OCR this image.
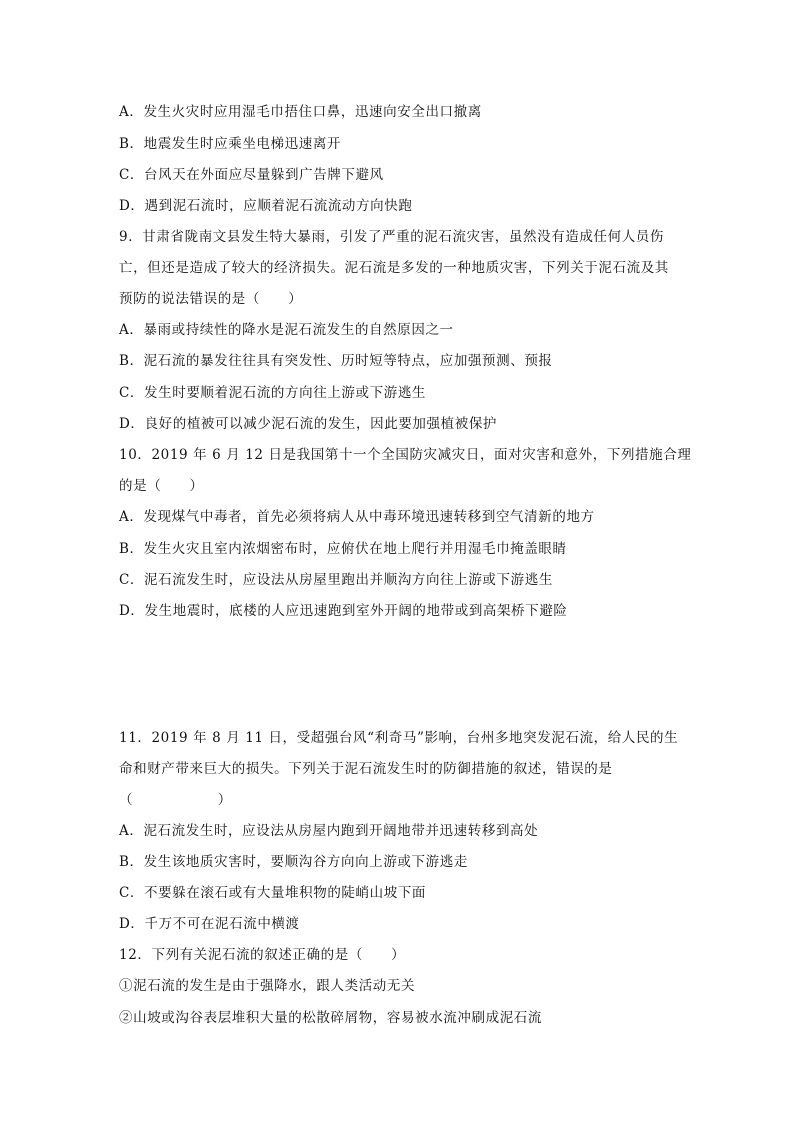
A．发生火灾时应用湿毛巾捂住口鼻，迅速向安全出口撤离
B．地震发生时应乘坐电梯迅速离开
C．台风天在外面应尽量躲到广告牌下避风
D．遇到泥石流时，应顺着泥石流流动方向快跑
9．甘肃省陇南文县发生特大暴雨，引发了严重的泥石流灾害，虽然没有造成任何人员伤
亡，但还是造成了较大的经济损失。泥石流是多发的一种地质灾害，下列关于泥石流及其
预防的说法错误的是（　　）
A．暴雨或持续性的降水是泥石流发生的自然原因之一
B．泥石流的暴发往往具有突发性、历时短等特点，应加强预测、预报
C．发生时要顺着泥石流的方向往上游或下游逃生
D．良好的植被可以减少泥石流的发生，因此要加强植被保护
10．2019 年 6 月 12 日是我国第十一个全国防灾减灾日，面对灾害和意外，下列措施合理
的是（　　）
A．发现煤气中毒者，首先必须将病人从中毒环境迅速转移到空气清新的地方
B．发生火灾且室内浓烟密布时，应俯伏在地上爬行并用湿毛巾掩盖眼睛
C．泥石流发生时，应设法从房屋里跑出并顺沟方向往上游或下游逃生
D．发生地震时，底楼的人应迅速跑到室外开阔的地带或到高架桥下避险
11．2019 年 8 月 11 日，受超强台风“利奇马”影响，台州多地突发泥石流，给人民的生
命和财产带来巨大的损失。下列关于泥石流发生时的防御措施的叙述，错误的是
（　　　　　　）
A．泥石流发生时，应设法从房屋内跑到开阔地带并迅速转移到高处
B．发生该地质灾害时，要顺沟谷方向向上游或下游逃走
C．不要躲在滚石或有大量堆积物的陡峭山坡下面
D．千万不可在泥石流中横渡
12．下列有关泥石流的叙述正确的是（　　）
①泥石流的发生是由于强降水，跟人类活动无关
②山坡或沟谷表层堆积大量的松散碎屑物，容易被水流冲刷成泥石流
